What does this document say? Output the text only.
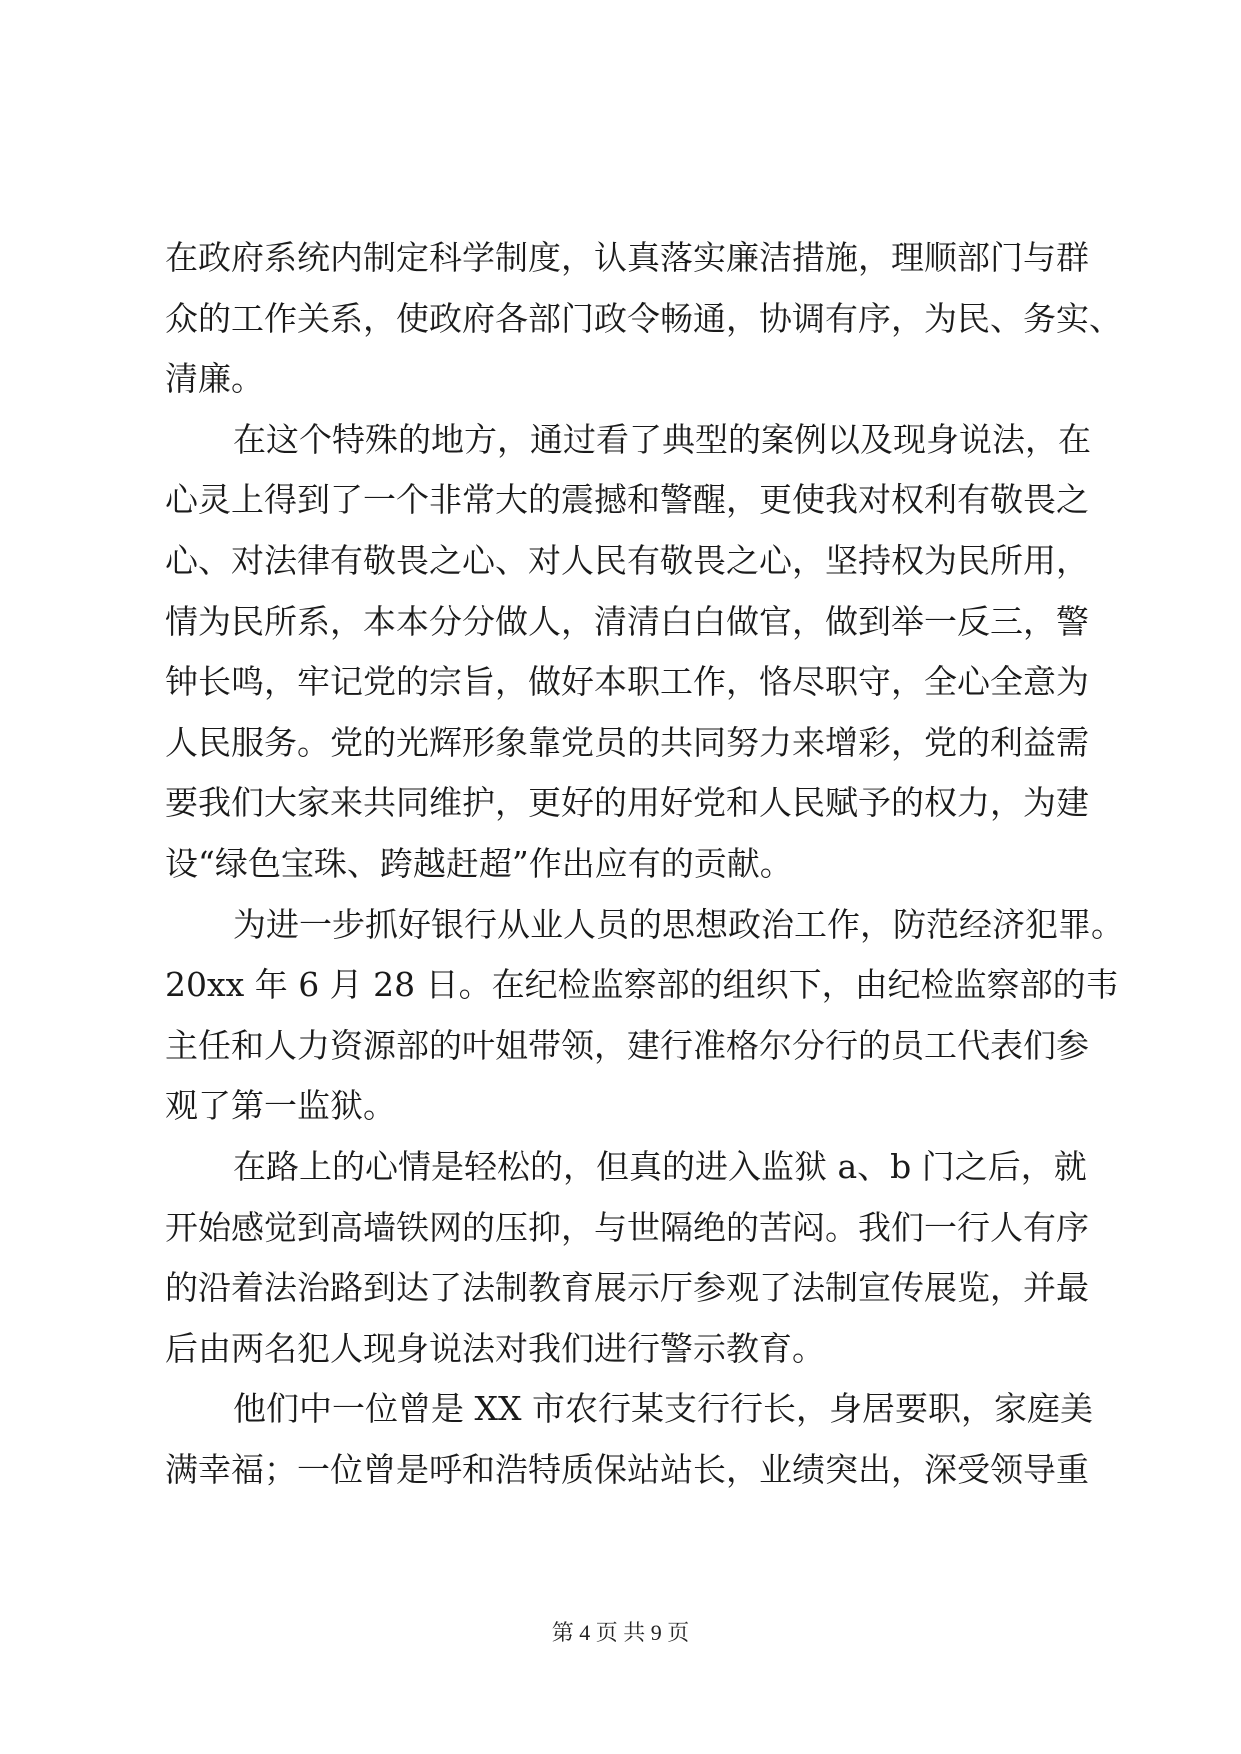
在政府系统内制定科学制度，认真落实廉洁措施，理顺部门与群
众的工作关系，使政府各部门政令畅通，协调有序，为民、务实、
清廉。
在这个特殊的地方，通过看了典型的案例以及现身说法，在
心灵上得到了一个非常大的震撼和警醒，更使我对权利有敬畏之
心、对法律有敬畏之心、对人民有敬畏之心，坚持权为民所用，
情为民所系，本本分分做人，清清白白做官，做到举一反三，警
钟长鸣，牢记党的宗旨，做好本职工作，恪尽职守，全心全意为
人民服务。党的光辉形象靠党员的共同努力来增彩，党的利益需
要我们大家来共同维护，更好的用好党和人民赋予的权力，为建
设“绿色宝珠、跨越赶超”作出应有的贡献。
为进一步抓好银行从业人员的思想政治工作，防范经济犯罪。
20xx 年 6 月 28 日。在纪检监察部的组织下，由纪检监察部的韦
主任和人力资源部的叶姐带领，建行准格尔分行的员工代表们参
观了第一监狱。
在路上的心情是轻松的，但真的进入监狱 a、b 门之后，就
开始感觉到高墙铁网的压抑，与世隔绝的苦闷。我们一行人有序
的沿着法治路到达了法制教育展示厅参观了法制宣传展览，并最
后由两名犯人现身说法对我们进行警示教育。
他们中一位曾是 XX 市农行某支行行长，身居要职，家庭美
满幸福；一位曾是呼和浩特质保站站长，业绩突出，深受领导重
第 4 页 共 9 页
